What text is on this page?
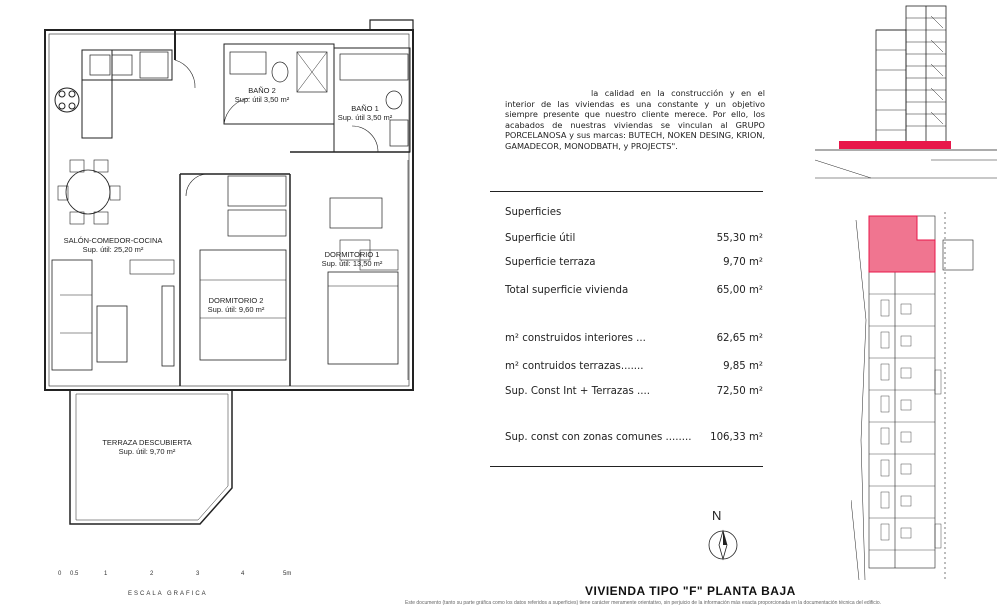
BAÑO 2
Sup. útil 3,50 m²
BAÑO 1
Sup. útil 3,50 m²
SALÓN-COMEDOR-COCINA
Sup. útil: 25,20 m²
DORMITORIO 1
Sup. útil: 13,50 m²
DORMITORIO 2
Sup. útil: 9,60 m²
TERRAZA DESCUBIERTA
Sup. útil: 9,70 m²
0 0.5	1	2	3	4	5m
ESCALA GRAFICA
la calidad en la construcción y en el interior de las viviendas es una constante y un objetivo siempre presente que nuestro cliente merece. Por ello, los acabados de nuestras viviendas se vinculan al GRUPO PORCELANOSA y sus marcas: BUTECH, NOKEN DESING, KRION, GAMADECOR, MONODBATH, y PROJECTS".
Superficies
Superficie útil	55,30 m²
Superficie terraza	9,70 m²
Total superficie vivienda	65,00 m²
m² construidos interiores ...	62,65 m²
m² contruidos terrazas.......	9,85 m²
Sup. Const Int + Terrazas ....	72,50 m²
Sup. const con zonas comunes ........ 106,33 m²
N
VIVIENDA TIPO "F" PLANTA BAJA
Este documento (tanto su parte gráfica como los datos referidos a superficies) tiene carácter meramente orientativo, sin perjuicio de la información más exacta proporcionada en la documentación técnica del edificio.
